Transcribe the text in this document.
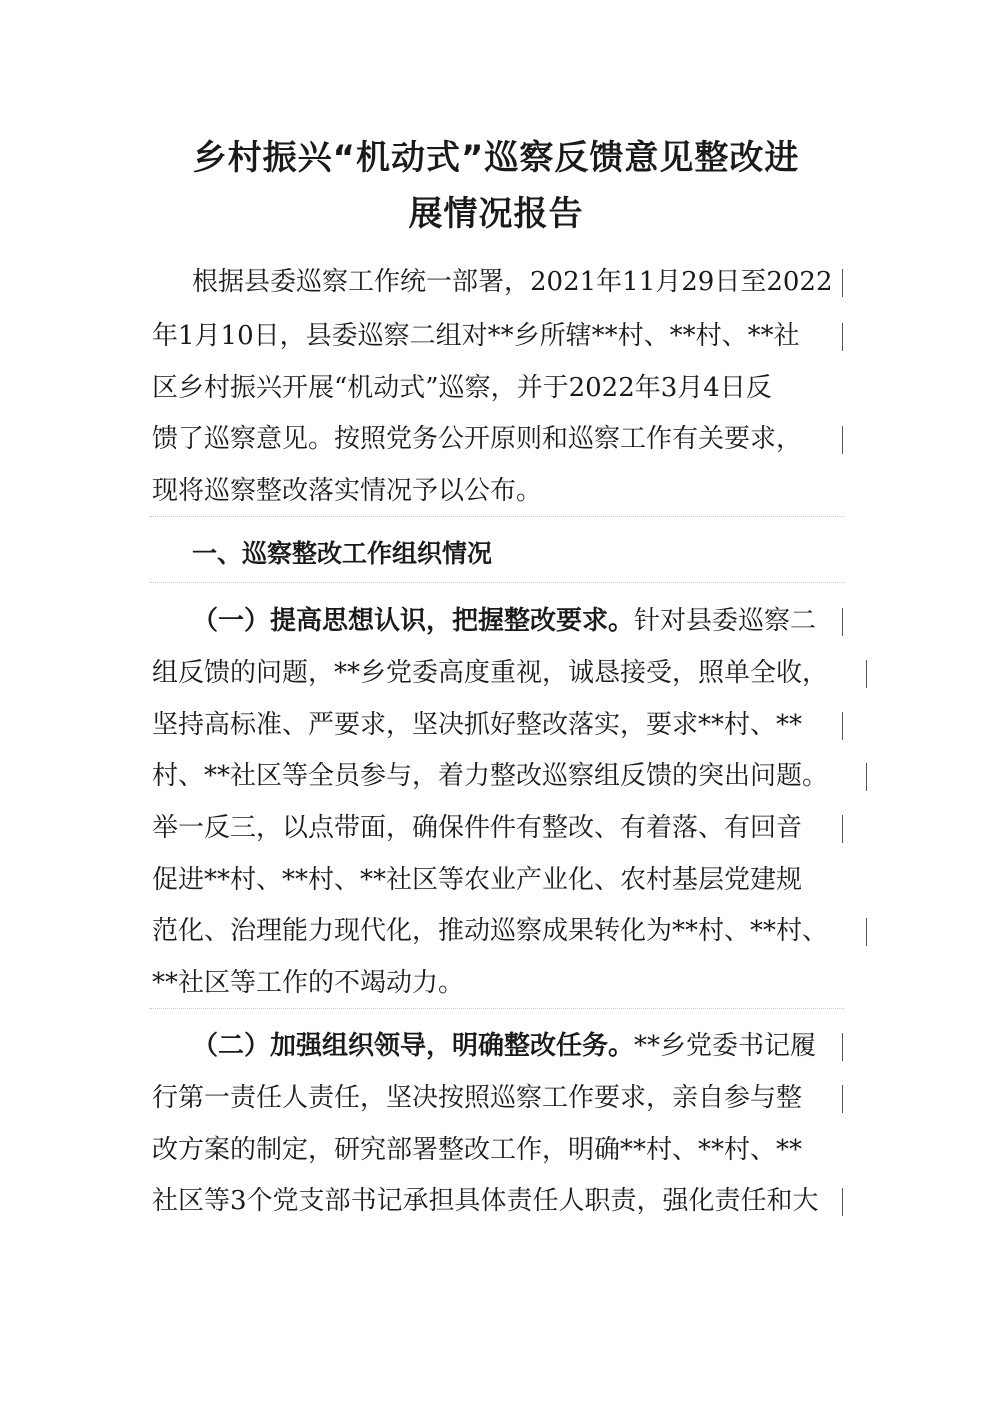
乡村振兴“机动式”巡察反馈意见整改进
展情况报告
根据县委巡察工作统一部署，2021年11月29日至2022
年1月10日，县委巡察二组对**乡所辖**村、**村、**社
区乡村振兴开展“机动式”巡察，并于2022年3月4日反
馈了巡察意见。按照党务公开原则和巡察工作有关要求，
现将巡察整改落实情况予以公布。
一、巡察整改工作组织情况
（一）提高思想认识，把握整改要求。针对县委巡察二
组反馈的问题，**乡党委高度重视，诚恳接受，照单全收，
坚持高标准、严要求，坚决抓好整改落实，要求**村、**
村、**社区等全员参与，着力整改巡察组反馈的突出问题。
举一反三，以点带面，确保件件有整改、有着落、有回音
促进**村、**村、**社区等农业产业化、农村基层党建规
范化、治理能力现代化，推动巡察成果转化为**村、**村、
**社区等工作的不竭动力。
（二）加强组织领导，明确整改任务。**乡党委书记履
行第一责任人责任，坚决按照巡察工作要求，亲自参与整
改方案的制定，研究部署整改工作，明确**村、**村、**
社区等3个党支部书记承担具体责任人职责，强化责任和大
